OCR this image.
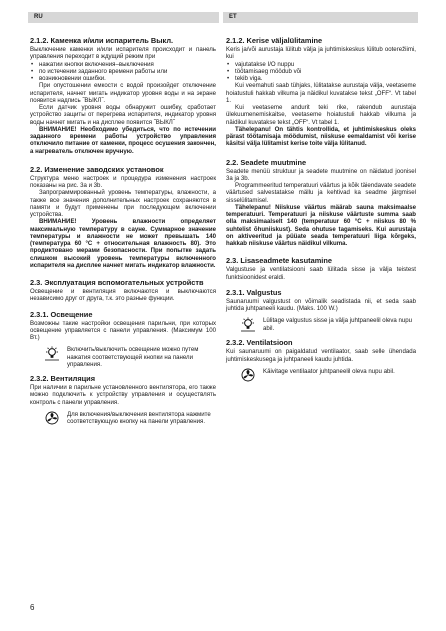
RU	ET
2.1.2. Каменка и/или испаритель Выкл.

Выключение каменки и/или испарителя происходит и панель управления переходит в ждущий режим при

• нажатии кнопки включения–выключения
• по истечении заданного времени работы или
• возникновении ошибки.

При опустошении емкости с водой произойдет отключение испарителя, начнет мигать индикатор уровня воды и на экране появится надпись ˝ВЫКЛ˝.

Если датчик уровня воды обнаружит ошибку, сработает устройство защиты от перегрева испарителя, индикатор уровня воды начнет мигать и на дисплее появится ˝ВЫКЛ˝

ВНИМАНИЕ! Необходимо убедиться, что по истечении заданного времени работы устройство управления отключило питание от каменки, процесс осушения закончен, а нагреватель отключен вручную.

2.2. Изменение заводских установок

Структура меню настроек и процедура изменения настроек показаны на рис. 3a и 3b.

Запрограммированный уровень температуры, влажности, а также все значения дополнительных настроек сохраняются в памяти и будут применены при последующем включении устройства.

ВНИМАНИЕ! Уровень влажности определяет максимальную температуру в сауне. Суммарное значение температуры и влажности не может превышать 140 (температура 60 °C + относительная влажность 80). Это продиктовано мерами безопасности. При попытке задать слишком высокий уровень температуры включенного испарителя на дисплее начнет мигать индикатор влажности.

2.3. Эксплуатация вспомогательных устройств

Освещение и вентиляция включаются и выключаются независимо друг от друга, т.к. это разные функции.

2.3.1. Освещение

Возможны такие настройки освещения парильни, при которых освещение управляется с панели управления. (Максимум 100 Вт.)

Включить/выключить освещение можно путем нажатия соответствующей кнопки на панели управления.

2.3.2. Вентиляция

При наличии в парильне установленного вентилятора, его также можно подключить к устройству управления и осуществлять контроль с панели управления.

Для включения/выключения вентилятора нажмите соответствующую кнопку на панели управления.

2.1.2. Kerise väljalülitamine

Keris ja/või aurustaja lülitub välja ja juhtimiskeskus lülitub ooterežiimi, kui

• vajutatakse I/O nuppu
• töötamisaeg möödub või
• tekib viga.

Kui veemahuti saab tühjaks, lülitatakse aurustaja välja, veetaseme hoiatustuli hakkab vilkuma ja näidikul kuvatakse tekst „OFF“. Vt tabel 1.

Kui veetaseme andurit teki rike, rakendub aurustaja ülekuumenemiskaitse, veetaseme hoiatustuli hakkab vilkuma ja näidikul kuvatakse tekst „OFF“. Vt tabel 1.

Tähelepanu! On tähtis kontrollida, et juhtimiskeskus oleks pärast töötamisaja möödumist, niiskuse eemaldamist või kerise käsitsi välja lülitamist kerise toite välja lülitanud.

2.2. Seadete muutmine

Seadete menüü struktuur ja seadete muutmine on näidatud joonisel 3a ja 3b.

Programmeeritud temperatuuri väärtus ja kõik täiendavate seadete väärtused salvestatakse mällu ja kehtivad ka seadme järgmisel sisselülitamisel.

Tähelepanu! Niiskuse väärtus määrab sauna maksimaalse temperatuuri. Temperatuuri ja niiskuse väärtuste summa saab olla maksimaalselt 140 (temperatuur 60 °C + niiskus 80 % suhtelist õhuniiskust). Seda ohutuse tagamiseks. Kui aurustaja on aktiveeritud ja püüate seada temperatuuri liiga kõrgeks, hakkab niiskuse väärtus näidikul vilkuma.

2.3. Lisaseadmete kasutamine

Valgustuse ja ventilatsiooni saab lülitada sisse ja välja teistest funktsioonidest eraldi.

2.3.1. Valgustus

Saunaruumi valgustust on võimalik seadistada nii, et seda saab juhtida juhtpaneeli kaudu. (Maks. 100 W.)

Lülitage valgustus sisse ja välja juhtpaneelil oleva nupu abil.

2.3.2. Ventilatsioon

Kui saunaruumi on paigaldatud ventilaator, saab selle ühendada juhtimiskeskusega ja juhtpaneeli kaudu juhtida.

Käivitage ventilaator juhtpaneelil oleva nupu abil.

6
